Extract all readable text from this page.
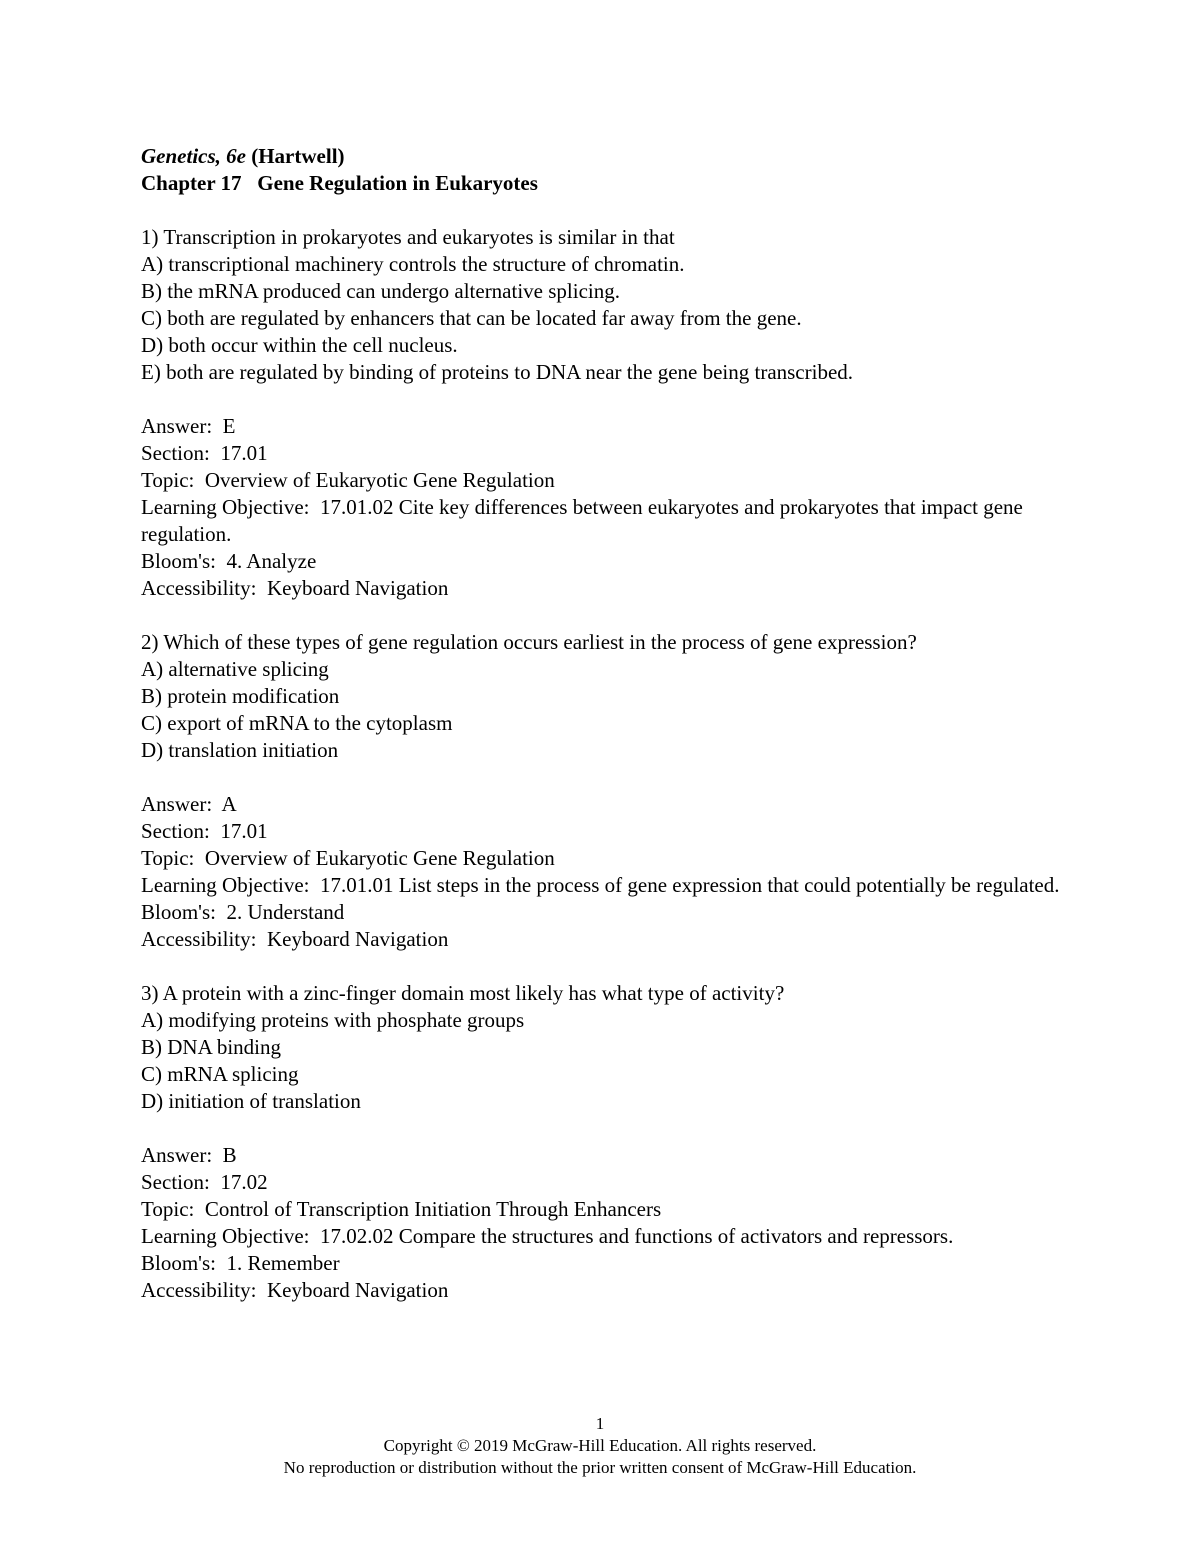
Genetics, 6e (Hartwell)
Chapter 17   Gene Regulation in Eukaryotes
1) Transcription in prokaryotes and eukaryotes is similar in that
A) transcriptional machinery controls the structure of chromatin.
B) the mRNA produced can undergo alternative splicing.
C) both are regulated by enhancers that can be located far away from the gene.
D) both occur within the cell nucleus.
E) both are regulated by binding of proteins to DNA near the gene being transcribed.
Answer:  E
Section:  17.01
Topic:  Overview of Eukaryotic Gene Regulation
Learning Objective:  17.01.02 Cite key differences between eukaryotes and prokaryotes that impact gene regulation.
Bloom's:  4. Analyze
Accessibility:  Keyboard Navigation
2) Which of these types of gene regulation occurs earliest in the process of gene expression?
A) alternative splicing
B) protein modification
C) export of mRNA to the cytoplasm
D) translation initiation
Answer:  A
Section:  17.01
Topic:  Overview of Eukaryotic Gene Regulation
Learning Objective:  17.01.01 List steps in the process of gene expression that could potentially be regulated.
Bloom's:  2. Understand
Accessibility:  Keyboard Navigation
3) A protein with a zinc-finger domain most likely has what type of activity?
A) modifying proteins with phosphate groups
B) DNA binding
C) mRNA splicing
D) initiation of translation
Answer:  B
Section:  17.02
Topic:  Control of Transcription Initiation Through Enhancers
Learning Objective:  17.02.02 Compare the structures and functions of activators and repressors.
Bloom's:  1. Remember
Accessibility:  Keyboard Navigation
1
Copyright © 2019 McGraw-Hill Education. All rights reserved.
No reproduction or distribution without the prior written consent of McGraw-Hill Education.
